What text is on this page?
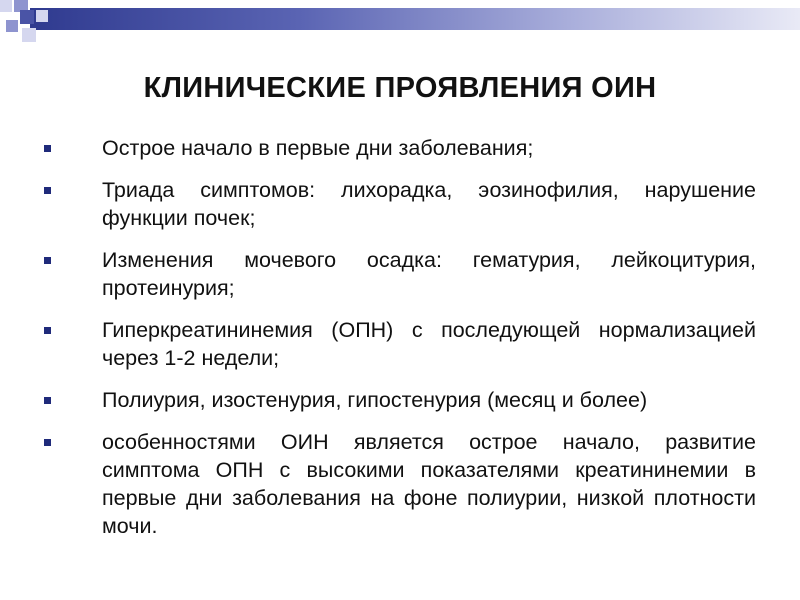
КЛИНИЧЕСКИЕ ПРОЯВЛЕНИЯ ОИН
Острое начало в первые дни заболевания;
Триада симптомов: лихорадка, эозинофилия, нарушение функции почек;
Изменения мочевого осадка: гематурия, лейкоцитурия, протеинурия;
Гиперкреатининемия (ОПН) с последующей нормализацией через 1-2 недели;
Полиурия, изостенурия, гипостенурия (месяц и более)
особенностями ОИН является острое начало, развитие симптома ОПН с высокими показателями креатининемии в первые дни заболевания на фоне полиурии, низкой плотности мочи.
